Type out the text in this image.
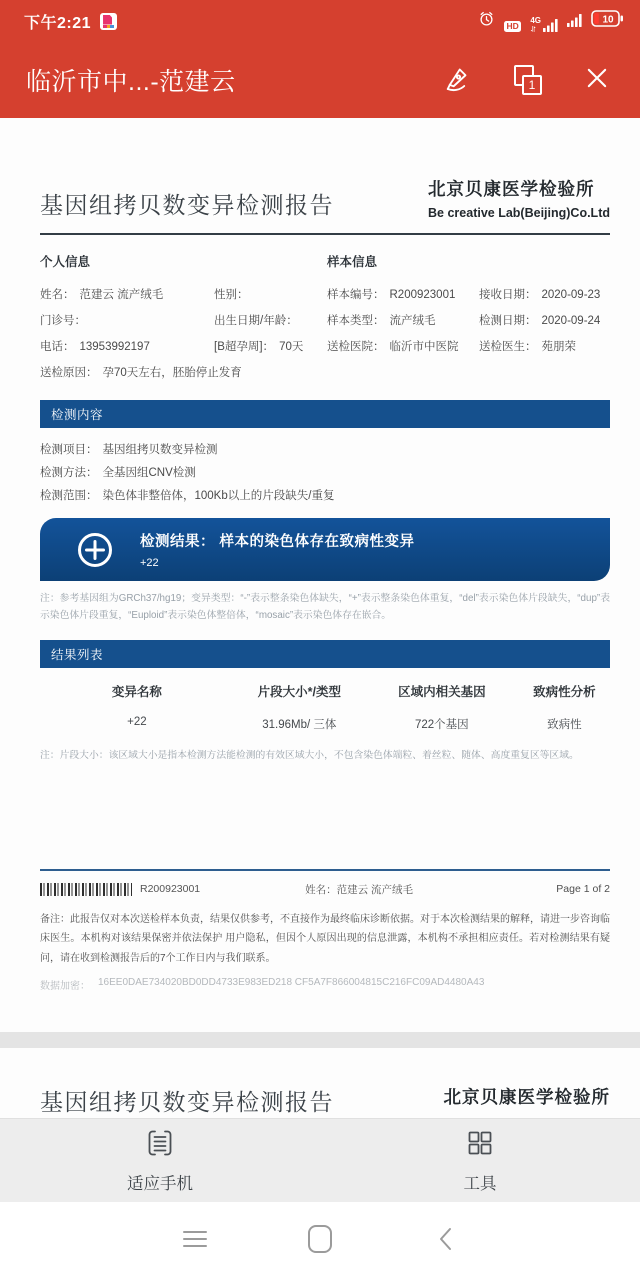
下午2:21	HD
4G	10
临沂市中...-范建云	1
基因组拷贝数变异检测报告
北京贝康医学检验所
Be creative Lab(Beijing)Co.Ltd
个人信息
姓名： 范建云 流产绒毛	性别：
门诊号：	出生日期/年龄：
电话： 13953992197	[B超孕周]： 70天
送检原因： 孕70天左右，胚胎停止发育
样本信息
样本编号： R200923001	接收日期： 2020-09-23
样本类型： 流产绒毛	检测日期： 2020-09-24
送检医院： 临沂市中医院	送检医生： 苑朋荣
检测内容
检测项目： 基因组拷贝数变异检测
检测方法： 全基因组CNV检测
检测范围： 染色体非整倍体，100Kb以上的片段缺失/重复
检测结果： 样本的染色体存在致病性变异
+22
注：参考基因组为GRCh37/hg19；变异类型：“-”表示整条染色体缺失，“+”表示整条染色体重复，“del”表示染色体片段缺失，“dup”表示染色体片段重复，“Euploid”表示染色体整倍体，“mosaic”表示染色体存在嵌合。
结果列表
变异名称	片段大小*/类型	区域内相关基因	致病性分析
+22	31.96Mb/ 三体	722个基因	致病性
注：片段大小：该区域大小是指本检测方法能检测的有效区域大小，不包含染色体端粒、着丝粒、随体、高度重复区等区域。
R200923001	姓名：范建云 流产绒毛	Page 1 of 2
备注：此报告仅对本次送检样本负责，结果仅供参考，不直接作为最终临床诊断依据。对于本次检测结果的解释，请进一步咨询临床医生。本机构对该结果保密并依法保护 用户隐私，但因个人原因出现的信息泄露，本机构不承担相应责任。若对检测结果有疑问，请在收到检测报告后的7个工作日内与我们联系。
数据加密： 16EE0DAE734020BD0DD4733E983ED218 CF5A7F866004815C216FC09AD4480A43
基因组拷贝数变异检测报告	北京贝康医学检验所
适应手机	工具
